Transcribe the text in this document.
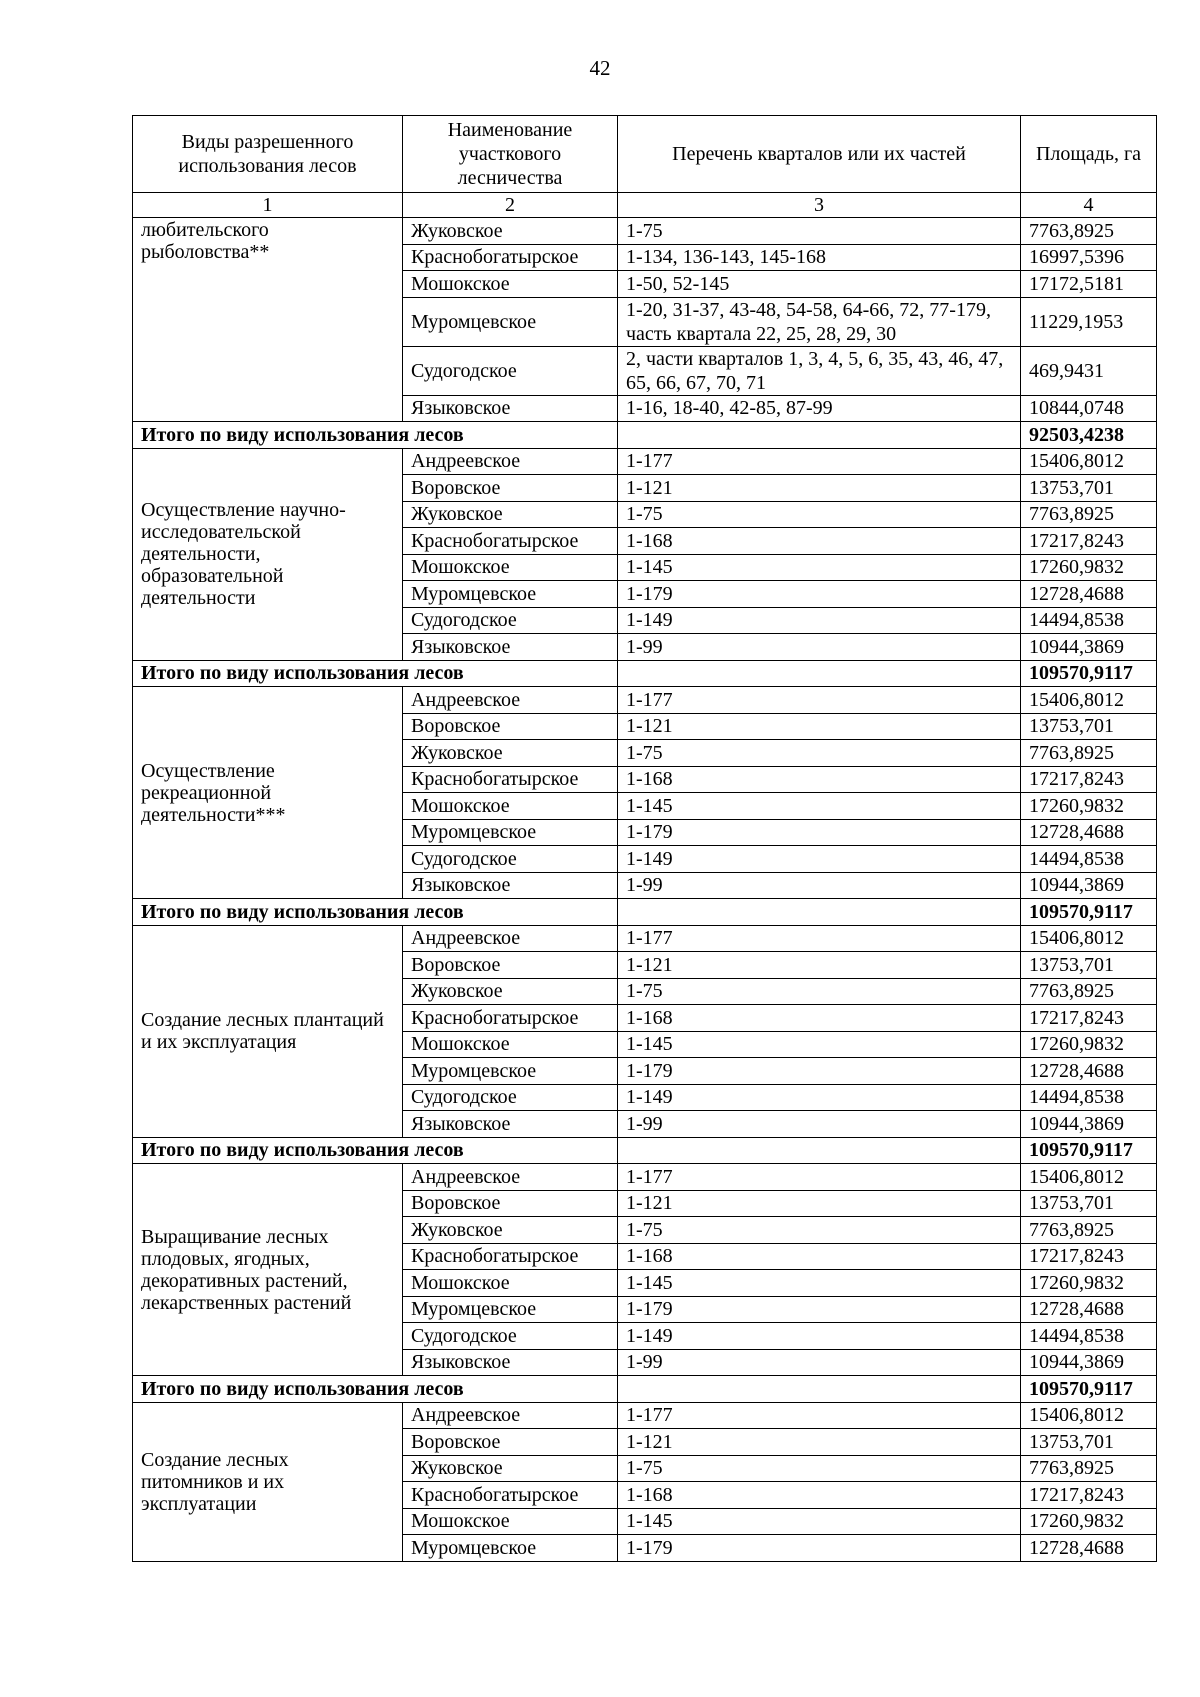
42
Виды разрешенного использования лесов	Наименование участкового лесничества	Перечень кварталов или их частей	Площадь, га
1	2	3	4
любительского рыболовства**	Жуковское	1-75	7763,8925
	Краснобогатырское	1-134, 136-143, 145-168	16997,5396
	Мошокское	1-50, 52-145	17172,5181
	Муромцевское	1-20, 31-37, 43-48, 54-58, 64-66, 72, 77-179, часть квартала 22, 25, 28, 29, 30	11229,1953
	Судогодское	2, части кварталов 1, 3, 4, 5, 6, 35, 43, 46, 47, 65, 66, 67, 70, 71	469,9431
	Языковское	1-16, 18-40, 42-85, 87-99	10844,0748
Итого по виду использования лесов			92503,4238
Осуществление научно-исследовательской деятельности, образовательной деятельности	Андреевское	1-177	15406,8012
	Воровское	1-121	13753,701
	Жуковское	1-75	7763,8925
	Краснобогатырское	1-168	17217,8243
	Мошокское	1-145	17260,9832
	Муромцевское	1-179	12728,4688
	Судогодское	1-149	14494,8538
	Языковское	1-99	10944,3869
Итого по виду использования лесов			109570,9117
Осуществление рекреационной деятельности***	Андреевское	1-177	15406,8012
	Воровское	1-121	13753,701
	Жуковское	1-75	7763,8925
	Краснобогатырское	1-168	17217,8243
	Мошокское	1-145	17260,9832
	Муромцевское	1-179	12728,4688
	Судогодское	1-149	14494,8538
	Языковское	1-99	10944,3869
Итого по виду использования лесов			109570,9117
Создание лесных плантаций и их эксплуатация	Андреевское	1-177	15406,8012
	Воровское	1-121	13753,701
	Жуковское	1-75	7763,8925
	Краснобогатырское	1-168	17217,8243
	Мошокское	1-145	17260,9832
	Муромцевское	1-179	12728,4688
	Судогодское	1-149	14494,8538
	Языковское	1-99	10944,3869
Итого по виду использования лесов			109570,9117
Выращивание лесных плодовых, ягодных, декоративных растений, лекарственных растений	Андреевское	1-177	15406,8012
	Воровское	1-121	13753,701
	Жуковское	1-75	7763,8925
	Краснобогатырское	1-168	17217,8243
	Мошокское	1-145	17260,9832
	Муромцевское	1-179	12728,4688
	Судогодское	1-149	14494,8538
	Языковское	1-99	10944,3869
Итого по виду использования лесов			109570,9117
Создание лесных питомников и их эксплуатации	Андреевское	1-177	15406,8012
	Воровское	1-121	13753,701
	Жуковское	1-75	7763,8925
	Краснобогатырское	1-168	17217,8243
	Мошокское	1-145	17260,9832
	Муромцевское	1-179	12728,4688
